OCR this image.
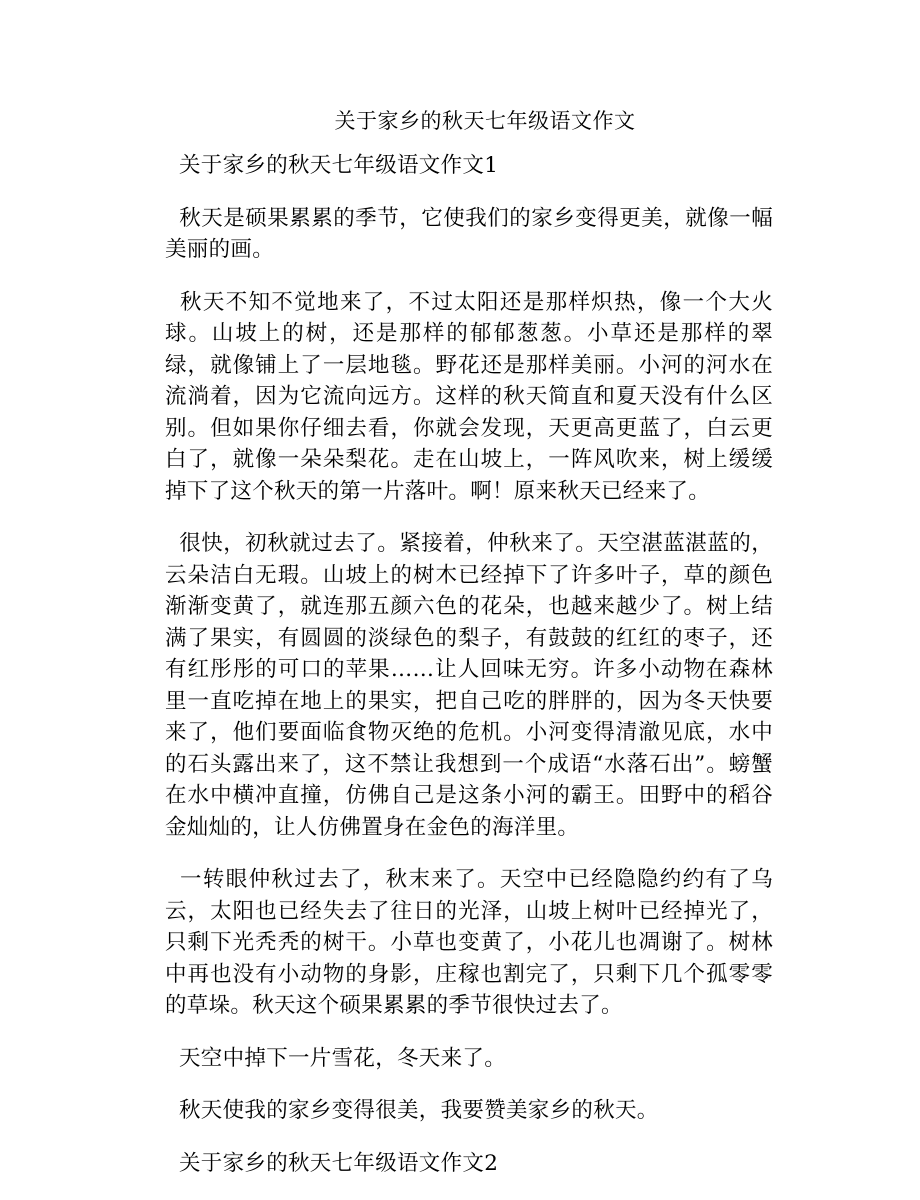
关于家乡的秋天七年级语文作文
关于家乡的秋天七年级语文作文1

秋天是硕果累累的季节，它使我们的家乡变得更美，就像一幅美丽的画。

秋天不知不觉地来了，不过太阳还是那样炽热，像一个大火球。山坡上的树，还是那样的郁郁葱葱。小草还是那样的翠绿，就像铺上了一层地毯。野花还是那样美丽。小河的河水在流淌着，因为它流向远方。这样的秋天简直和夏天没有什么区别。但如果你仔细去看，你就会发现，天更高更蓝了，白云更白了，就像一朵朵梨花。走在山坡上，一阵风吹来，树上缓缓掉下了这个秋天的第一片落叶。啊！原来秋天已经来了。

很快，初秋就过去了。紧接着，仲秋来了。天空湛蓝湛蓝的，云朵洁白无瑕。山坡上的树木已经掉下了许多叶子，草的颜色渐渐变黄了，就连那五颜六色的花朵，也越来越少了。树上结满了果实，有圆圆的淡绿色的梨子，有鼓鼓的红红的枣子，还有红彤彤的可口的苹果……让人回味无穷。许多小动物在森林里一直吃掉在地上的果实，把自己吃的胖胖的，因为冬天快要来了，他们要面临食物灭绝的危机。小河变得清澈见底，水中的石头露出来了，这不禁让我想到一个成语“水落石出”。螃蟹在水中横冲直撞，仿佛自己是这条小河的霸王。田野中的稻谷金灿灿的，让人仿佛置身在金色的海洋里。

一转眼仲秋过去了，秋末来了。天空中已经隐隐约约有了乌云，太阳也已经失去了往日的光泽，山坡上树叶已经掉光了，只剩下光秃秃的树干。小草也变黄了，小花儿也凋谢了。树林中再也没有小动物的身影，庄稼也割完了，只剩下几个孤零零的草垛。秋天这个硕果累累的季节很快过去了。

天空中掉下一片雪花，冬天来了。

秋天使我的家乡变得很美，我要赞美家乡的秋天。

关于家乡的秋天七年级语文作文2
